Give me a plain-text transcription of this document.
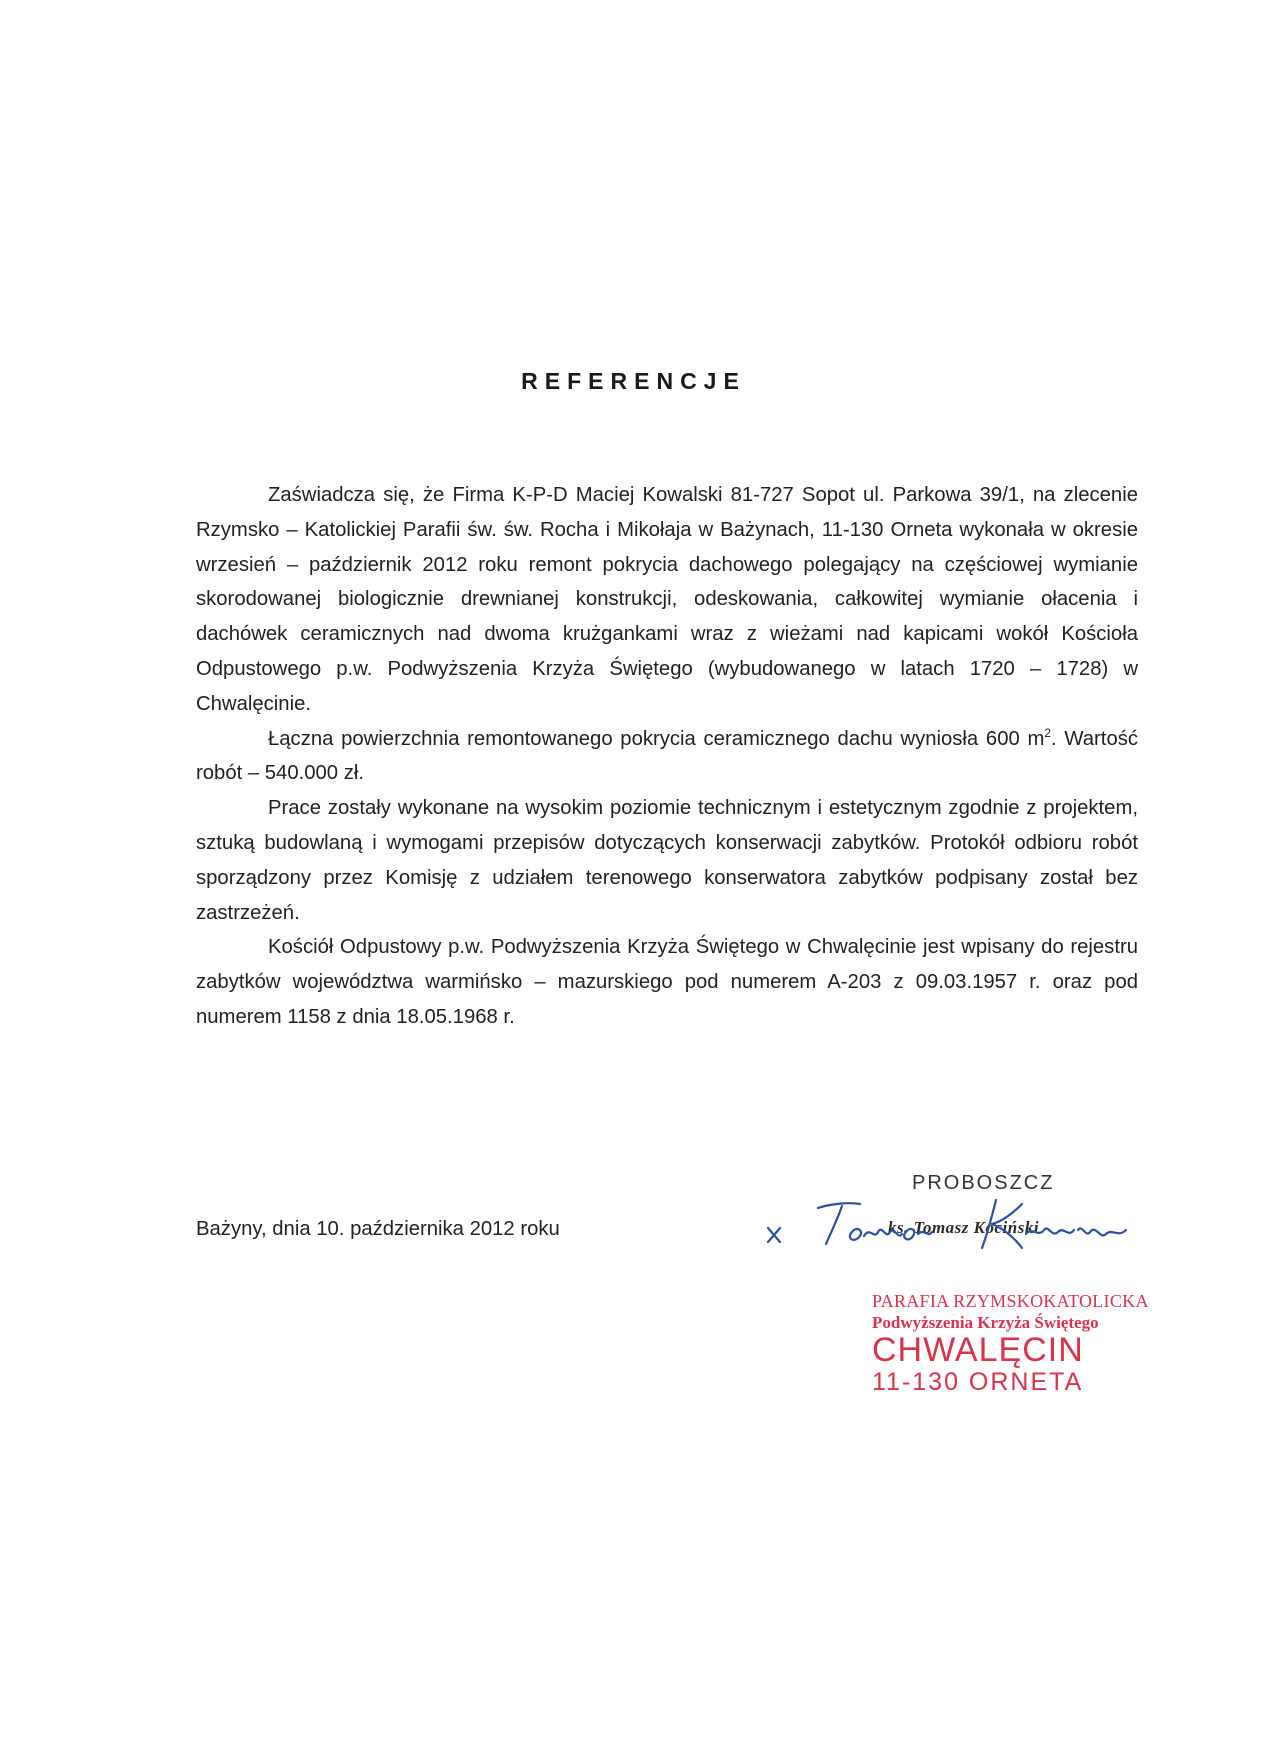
REFERENCJE

Zaświadcza się, że Firma K-P-D Maciej Kowalski 81-727 Sopot ul. Parkowa 39/1, na zlecenie Rzymsko – Katolickiej Parafii św. św. Rocha i Mikołaja w Bażynach, 11-130 Orneta wykonała w okresie wrzesień – październik 2012 roku remont pokrycia dachowego polegający na częściowej wymianie skorodowanej biologicznie drewnianej konstrukcji, odeskowania, całkowitej wymianie ołacenia i dachówek ceramicznych nad dwoma krużgankami wraz z wieżami nad kapicami wokół Kościoła Odpustowego p.w. Podwyższenia Krzyża Świętego (wybudowanego w latach 1720 – 1728) w Chwalęcinie.

Łączna powierzchnia remontowanego pokrycia ceramicznego dachu wyniosła 600 $m^2$. Wartość robót – 540.000 zł.

Prace zostały wykonane na wysokim poziomie technicznym i estetycznym zgodnie z projektem, sztuką budowlaną i wymogami przepisów dotyczących konserwacji zabytków. Protokół odbioru robót sporządzony przez Komisję z udziałem terenowego konserwatora zabytków podpisany został bez zastrzeżeń.

Kościół Odpustowy p.w. Podwyższenia Krzyża Świętego w Chwalęcinie jest wpisany do rejestru zabytków województwa warmińsko – mazurskiego pod numerem A-203 z 09.03.1957 r. oraz pod numerem 1158 z dnia 18.05.1968 r.

Bażyny, dnia 10. października 2012 roku
PROBOSZCZ
ks. Tomasz Kociński
PARAFIA RZYMSKOKATOLICKA
Podwyższenia Krzyża Świętego
CHWALĘCIN
11-130 ORNETA
